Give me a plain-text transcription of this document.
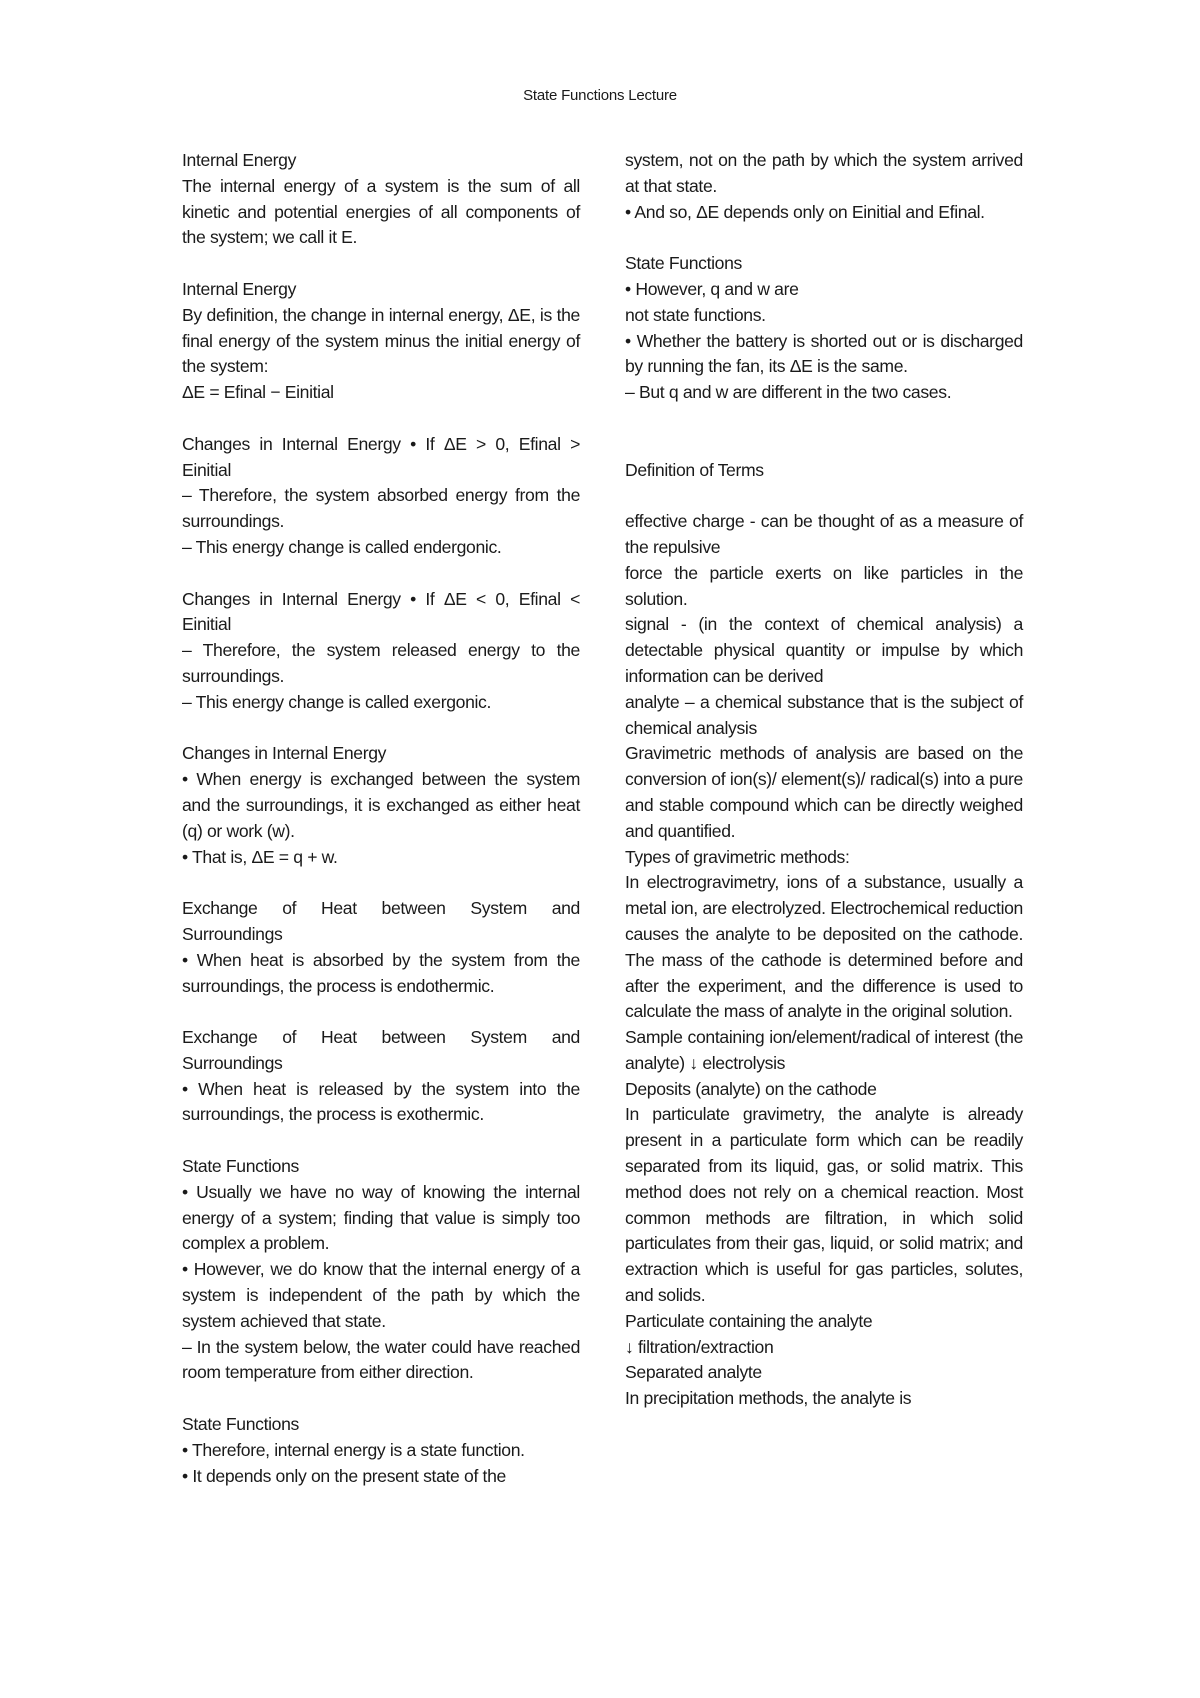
State Functions Lecture

Internal Energy
The internal energy of a system is the sum of all kinetic and potential energies of all components of the system; we call it E.

Internal Energy
By definition, the change in internal energy, ΔE, is the final energy of the system minus the initial energy of the system:
ΔE = Efinal − Einitial

Changes in Internal Energy • If ΔE > 0, Efinal > Einitial
– Therefore, the system absorbed energy from the surroundings.
– This energy change is called endergonic.

Changes in Internal Energy • If ΔE < 0, Efinal < Einitial
– Therefore, the system released energy to the surroundings.
– This energy change is called exergonic.

Changes in Internal Energy
• When energy is exchanged between the system and the surroundings, it is exchanged as either heat (q) or work (w).
• That is, ΔE = q + w.

Exchange of Heat between System and Surroundings
• When heat is absorbed by the system from the surroundings, the process is endothermic.

Exchange of Heat between System and Surroundings
• When heat is released by the system into the surroundings, the process is exothermic.

State Functions
• Usually we have no way of knowing the internal energy of a system; finding that value is simply too complex a problem.
• However, we do know that the internal energy of a system is independent of the path by which the system achieved that state.
– In the system below, the water could have reached room temperature from either direction.

State Functions
• Therefore, internal energy is a state function.
• It depends only on the present state of the

system, not on the path by which the system arrived at that state.
• And so, ΔE depends only on Einitial and Efinal.

State Functions
• However, q and w are
not state functions.
• Whether the battery is shorted out or is discharged by running the fan, its ΔE is the same.
– But q and w are different in the two cases.

Definition of Terms

effective charge - can be thought of as a measure of the repulsive
force the particle exerts on like particles in the solution.
signal - (in the context of chemical analysis) a detectable physical quantity or impulse by which information can be derived
analyte – a chemical substance that is the subject of chemical analysis
Gravimetric methods of analysis are based on the conversion of ion(s)/ element(s)/ radical(s) into a pure and stable compound which can be directly weighed and quantified.
Types of gravimetric methods:
In electrogravimetry, ions of a substance, usually a metal ion, are electrolyzed. Electrochemical reduction causes the analyte to be deposited on the cathode. The mass of the cathode is determined before and after the experiment, and the difference is used to calculate the mass of analyte in the original solution.
Sample containing ion/element/radical of interest (the analyte) ↓ electrolysis
Deposits (analyte) on the cathode
In particulate gravimetry, the analyte is already present in a particulate form which can be readily separated from its liquid, gas, or solid matrix. This method does not rely on a chemical reaction. Most common methods are filtration, in which solid particulates from their gas, liquid, or solid matrix; and extraction which is useful for gas particles, solutes, and solids.
Particulate containing the analyte
↓ filtration/extraction
Separated analyte
In precipitation methods, the analyte is
